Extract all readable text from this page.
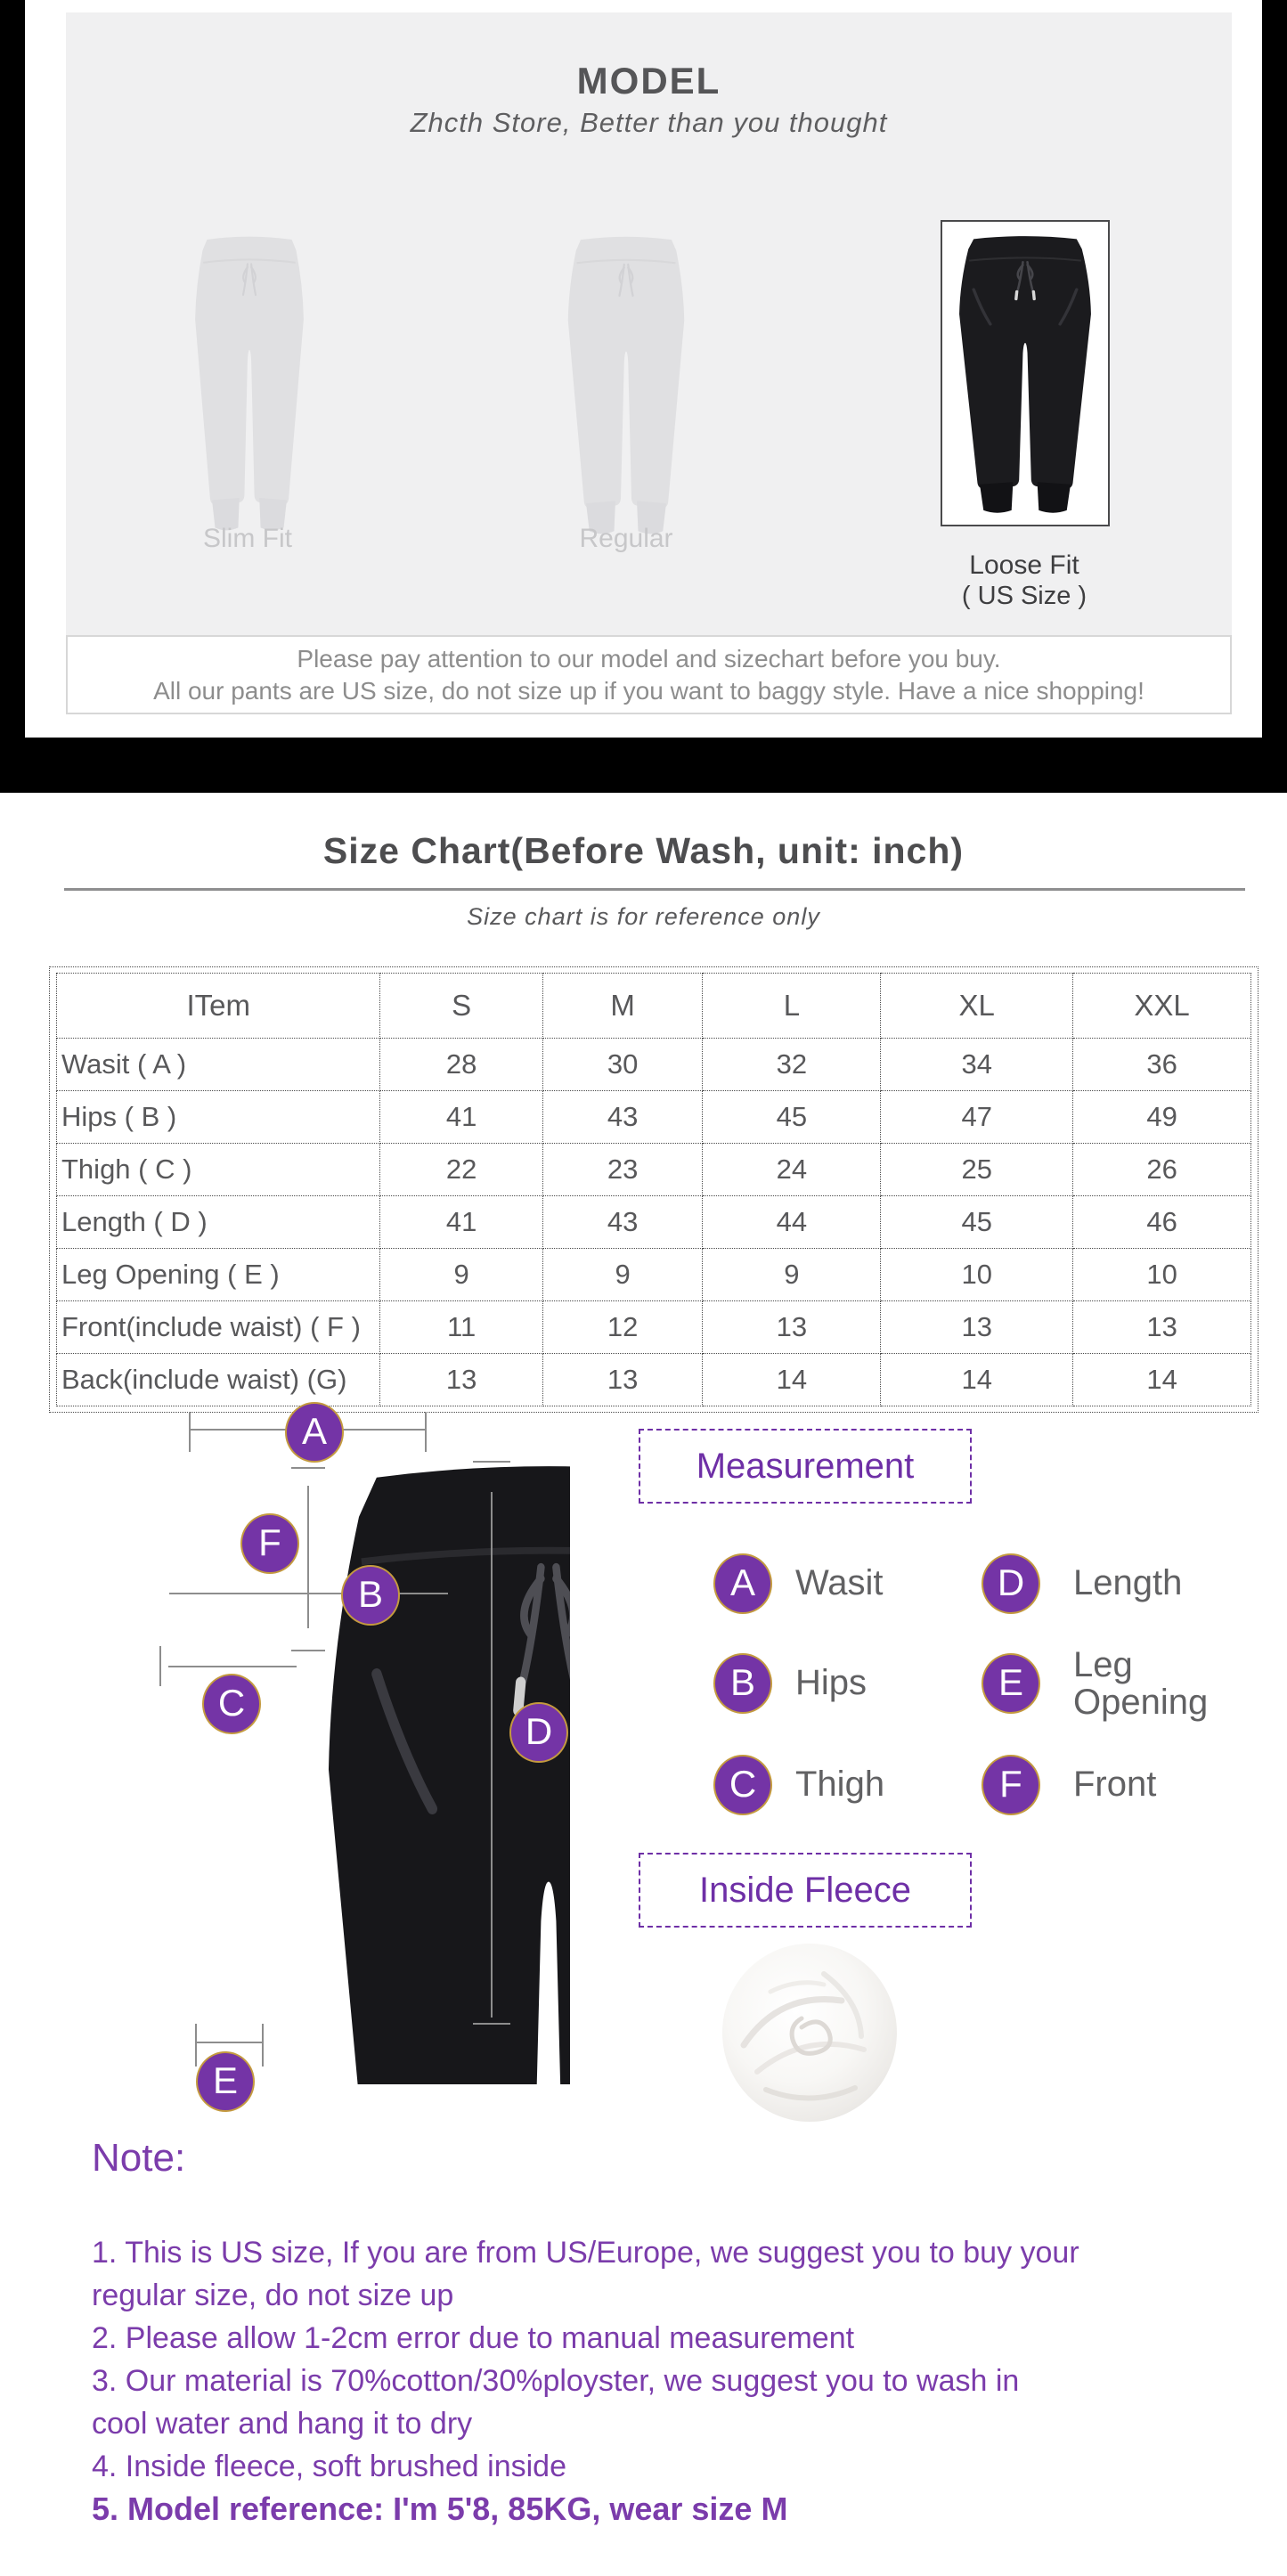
MODEL
Zhcth Store, Better than you thought
Slim Fit	Regular
Loose Fit
( US Size )
Please pay attention to our model and sizechart before you buy.
All our pants are US size, do not size up if you want to baggy style. Have a nice shopping!
Size Chart(Before Wash, unit: inch)
Size chart is for reference only
ITem	S	M	L	XL	XXL
Wasit ( A )	28	30	32	34	36
Hips ( B )	41	43	45	47	49
Thigh ( C )	22	23	24	25	26
Length ( D )	41	43	44	45	46
Leg Opening ( E )	9	9	9	10	10
Front(include waist) ( F )	11	12	13	13	13
Back(include waist) (G)	13	13	14	14	14
A
F
B
C
D
E
Measurement
A	Wasit
B	Hips
C	Thigh
D	Length
E	Leg Opening
F	Front
Inside Fleece
Note:
1. This is US size, If you are from US/Europe, we suggest you to buy your
regular size, do not size up
2. Please allow 1-2cm error due to manual measurement
3. Our material is 70%cotton/30%ployster, we suggest you to wash in
cool water and hang it to dry
4. Inside fleece, soft brushed inside
5. Model reference: I'm 5'8, 85KG, wear size M
